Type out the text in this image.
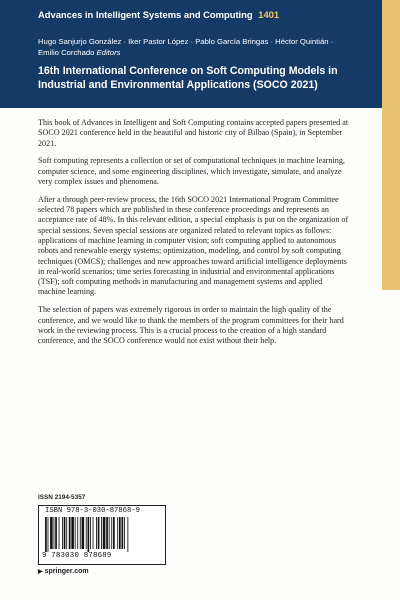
Advances in Intelligent Systems and Computing 1401
Hugo Sanjurjo González · Iker Pastor López · Pablo García Bringas · Héctor Quintián ·
Emilio Corchado Editors
16th International Conference on Soft Computing Models in
Industrial and Environmental Applications (SOCO 2021)

This book of Advances in Intelligent and Soft Computing contains accepted papers presented at SOCO 2021 conference held in the beautiful and historic city of Bilbao (Spain), in September 2021.

Soft computing represents a collection or set of computational techniques in machine learning, computer science, and some engineering disciplines, which investigate, simulate, and analyze very complex issues and phenomena.

After a through peer-review process, the 16th SOCO 2021 International Program Committee selected 78 papers which are published in these conference proceedings and represents an acceptance rate of 48%. In this relevant edition, a special emphasis is put on the organization of special sessions. Seven special sessions are organized related to relevant topics as follows: applications of machine learning in computer vision; soft computing applied to autonomous robots and renewable energy systems; optimization, modeling, and control by soft computing techniques (OMCS); challenges and new approaches toward artificial intelligence deployments in real-world scenarios; time series forecasting in industrial and environmental applications (TSF); soft computing methods in manufacturing and management systems and applied machine learning.

The selection of papers was extremely rigorous in order to maintain the high quality of the conference, and we would like to thank the members of the program committees for their hard work in the reviewing process. This is a crucial process to the creation of a high standard conference, and the SOCO conference would not exist without their help.

ISSN 2194-5357
ISBN 978-3-030-87868-9
9 783030 878689
▶ springer.com
